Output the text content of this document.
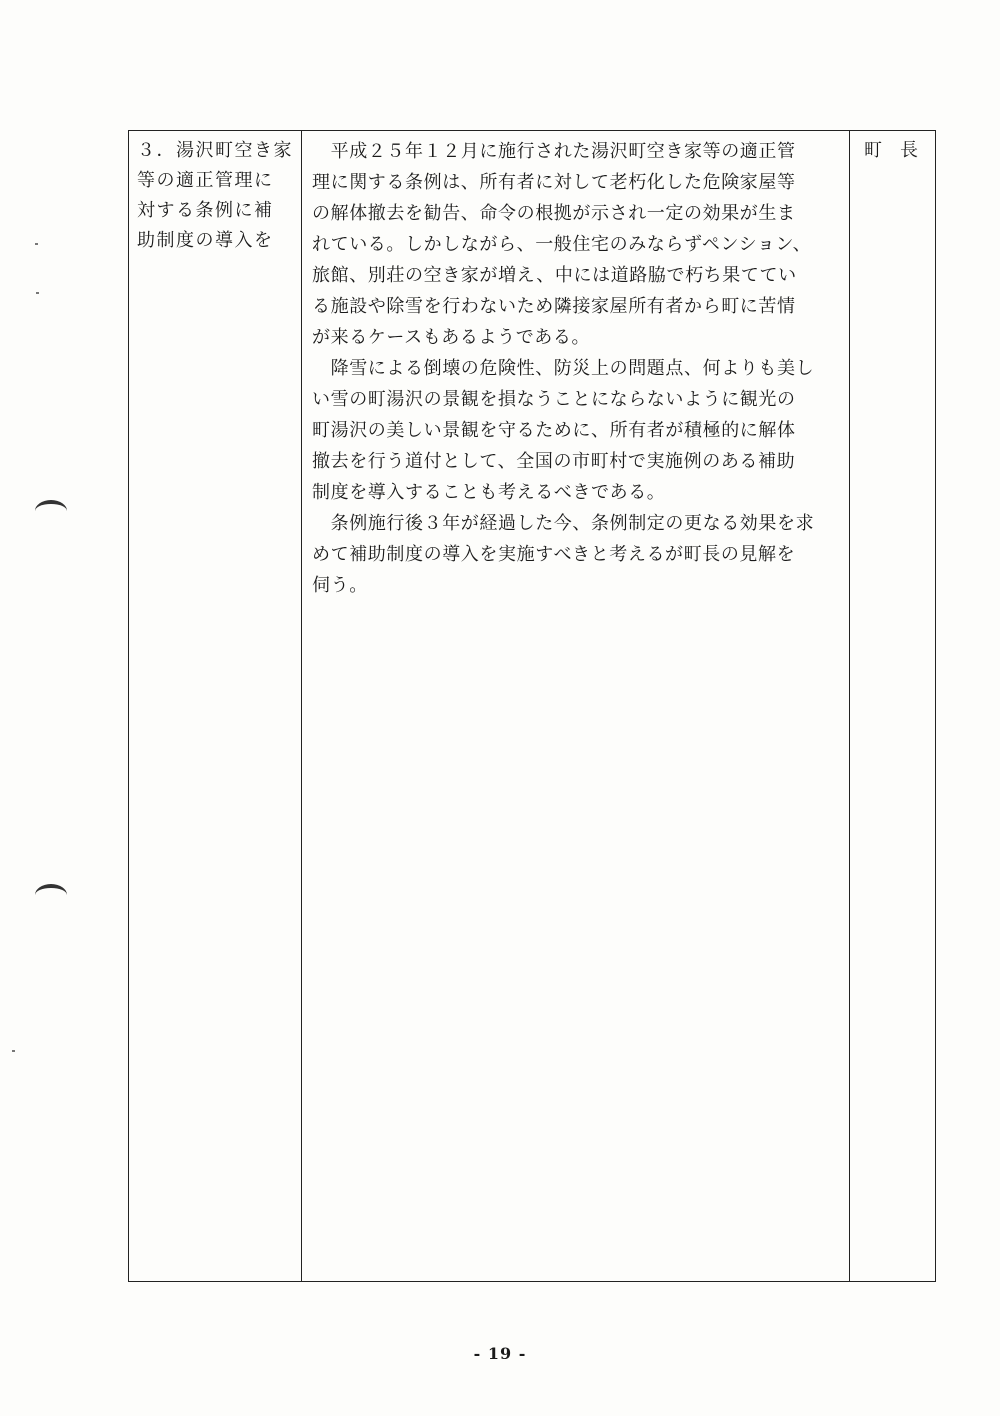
３．湯沢町空き家
等の適正管理に
対する条例に補
助制度の導入を
　平成２５年１２月に施行された湯沢町空き家等の適正管
理に関する条例は、所有者に対して老朽化した危険家屋等
の解体撤去を勧告、命令の根拠が示され一定の効果が生ま
れている。しかしながら、一般住宅のみならずペンション、
旅館、別荘の空き家が増え、中には道路脇で朽ち果ててい
る施設や除雪を行わないため隣接家屋所有者から町に苦情
が来るケースもあるようである。
　降雪による倒壊の危険性、防災上の問題点、何よりも美し
い雪の町湯沢の景観を損なうことにならないように観光の
町湯沢の美しい景観を守るために、所有者が積極的に解体
撤去を行う道付として、全国の市町村で実施例のある補助
制度を導入することも考えるべきである。
　条例施行後３年が経過した今、条例制定の更なる効果を求
めて補助制度の導入を実施すべきと考えるが町長の見解を
伺う。
町長
- 19 -
